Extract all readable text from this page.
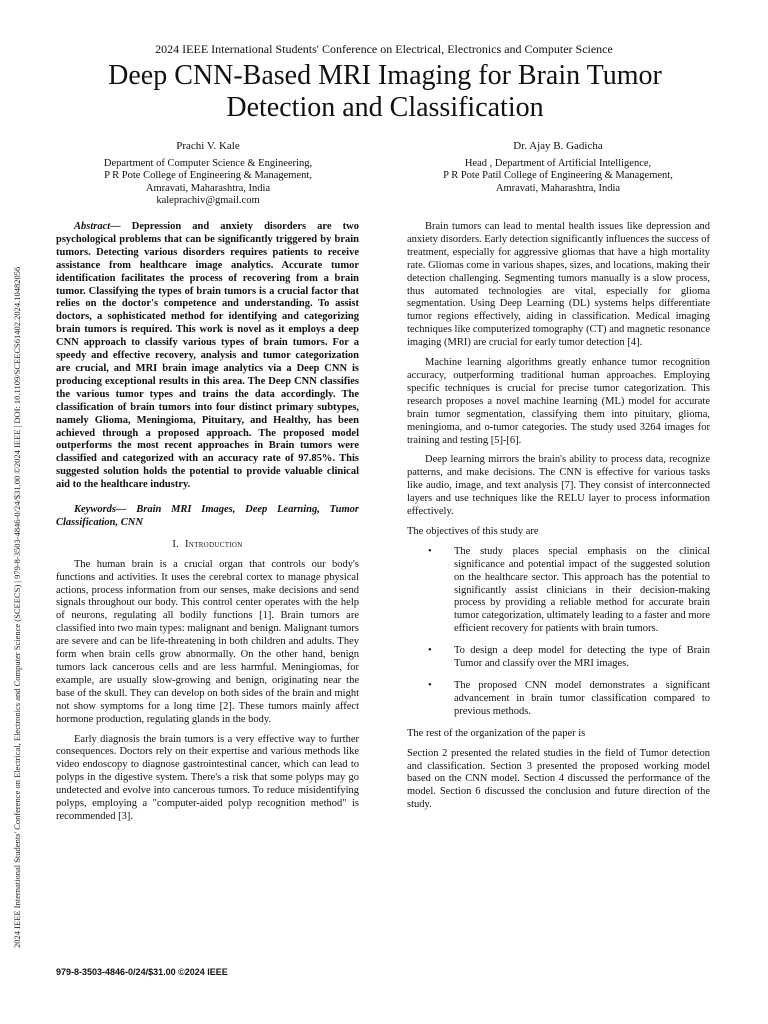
2024 IEEE International Students' Conference on Electrical, Electronics and Computer Science (SCEECS) | 979-8-3503-4846-0/24/$31.00 ©2024 IEEE | DOI: 10.1109/SCEECS61402.2024.10482056
2024 IEEE International Students' Conference on Electrical, Electronics and Computer Science
Deep CNN-Based MRI Imaging for Brain Tumor
Detection and Classification
Prachi V. Kale
Department of Computer Science & Engineering,
P R Pote College of Engineering & Management,
Amravati, Maharashtra, India
kaleprachiv@gmail.com
Dr. Ajay B. Gadicha
Head , Department of Artificial Intelligence,
P R Pote Patil College of Engineering & Management,
Amravati, Maharashtra, India

Abstract— Depression and anxiety disorders are two psychological problems that can be significantly triggered by brain tumors. Detecting various disorders requires patients to receive assistance from healthcare image analytics. Accurate tumor identification facilitates the process of recovering from a brain tumor. Classifying the types of brain tumors is a crucial factor that relies on the doctor's competence and understanding. To assist doctors, a sophisticated method for identifying and categorizing brain tumors is required. This work is novel as it employs a deep CNN approach to classify various types of brain tumors. For a speedy and effective recovery, analysis and tumor categorization are crucial, and MRI brain image analytics via a Deep CNN is producing exceptional results in this area. The Deep CNN classifies the various tumor types and trains the data accordingly. The classification of brain tumors into four distinct primary subtypes, namely Glioma, Meningioma, Pituitary, and Healthy, has been achieved through a proposed approach. The proposed model outperforms the most recent approaches in Brain tumors were classified and categorized with an accuracy rate of 97.85%. This suggested solution holds the potential to provide valuable clinical aid to the healthcare industry.

Keywords— Brain MRI Images, Deep Learning, Tumor Classification, CNN

I. Introduction

The human brain is a crucial organ that controls our body's functions and activities. It uses the cerebral cortex to manage physical actions, process information from our senses, make decisions and send signals throughout our body. This control center operates with the help of neurons, regulating all bodily functions [1]. Brain tumors are classified into two main types: malignant and benign. Malignant tumors are severe and can be life-threatening in both children and adults. They form when brain cells grow abnormally. On the other hand, benign tumors lack cancerous cells and are less harmful. Meningiomas, for example, are usually slow-growing and benign, originating near the base of the skull. They can develop on both sides of the brain and might not show symptoms for a long time [2]. These tumors mainly affect hormone production, regulating glands in the body.

Early diagnosis the brain tumors is a very effective way to further consequences. Doctors rely on their expertise and various methods like video endoscopy to diagnose gastrointestinal cancer, which can lead to polyps in the digestive system. There's a risk that some polyps may go undetected and evolve into cancerous tumors. To reduce misidentifying polyps, employing a "computer-aided polyp recognition method" is recommended [3].

Brain tumors can lead to mental health issues like depression and anxiety disorders. Early detection significantly influences the success of treatment, especially for aggressive gliomas that have a high mortality rate. Gliomas come in various shapes, sizes, and locations, making their detection challenging. Segmenting tumors manually is a slow process, thus automated technologies are vital, especially for glioma segmentation. Using Deep Learning (DL) systems helps differentiate tumor regions effectively, aiding in classification. Medical imaging techniques like computerized tomography (CT) and magnetic resonance imaging (MRI) are crucial for early tumor detection [4].

Machine learning algorithms greatly enhance tumor recognition accuracy, outperforming traditional human approaches. Employing specific techniques is crucial for precise tumor categorization. This research proposes a novel machine learning (ML) model for accurate brain tumor segmentation, classifying them into pituitary, glioma, meningioma, and o-tumor categories. The study used 3264 images for training and testing [5]-[6].

Deep learning mirrors the brain's ability to process data, recognize patterns, and make decisions. The CNN is effective for various tasks like audio, image, and text analysis [7]. They consist of interconnected layers and use techniques like the RELU layer to process information effectively.

The objectives of this study are

• The study places special emphasis on the clinical significance and potential impact of the suggested solution on the healthcare sector. This approach has the potential to significantly assist clinicians in their decision-making process by providing a reliable method for accurate brain tumor categorization, ultimately leading to a faster and more efficient recovery for patients with brain tumors.
• To design a deep model for detecting the type of Brain Tumor and classify over the MRI images.
• The proposed CNN model demonstrates a significant advancement in brain tumor classification compared to previous methods.

The rest of the organization of the paper is

Section 2 presented the related studies in the field of Tumor detection and classification. Section 3 presented the proposed working model based on the CNN model. Section 4 discussed the performance of the model. Section 6 discussed the conclusion and future direction of the study.

979-8-3503-4846-0/24/$31.00 ©2024 IEEE
